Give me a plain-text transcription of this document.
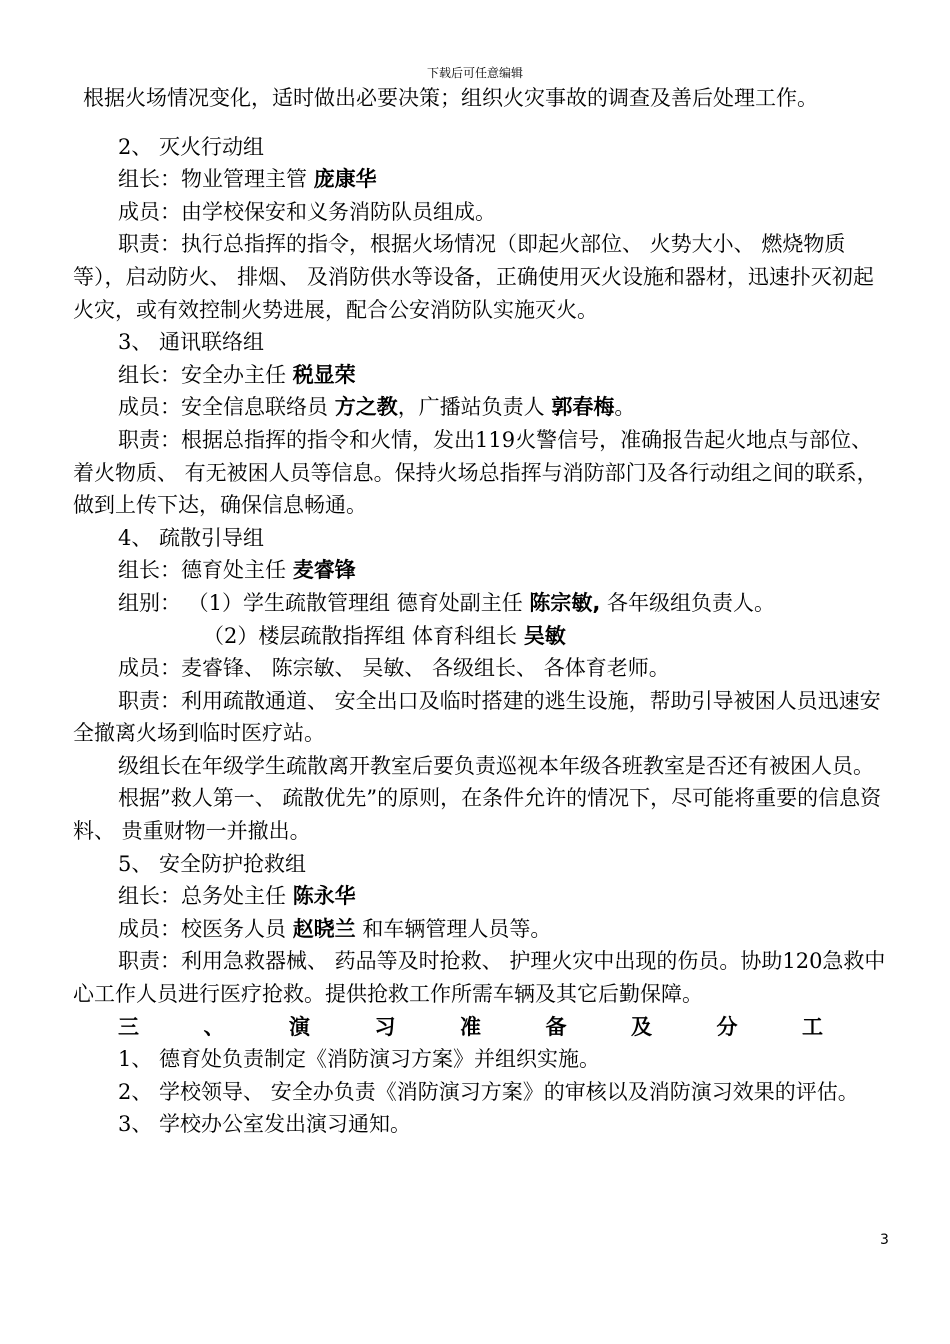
下载后可任意编辑

根据火场情况变化，适时做出必要决策；组织火灾事故的调查及善后处理工作。

2、 灭火行动组

组长：物业管理主管 庞康华

成员：由学校保安和义务消防队员组成。

职责：执行总指挥的指令，根据火场情况（即起火部位、 火势大小、 燃烧物质等），启动防火、 排烟、 及消防供水等设备，正确使用灭火设施和器材，迅速扑灭初起火灾，或有效控制火势进展，配合公安消防队实施灭火。

3、 通讯联络组

组长：安全办主任 税显荣

成员：安全信息联络员 方之教，广播站负责人 郭春梅。

职责：根据总指挥的指令和火情，发出119火警信号，准确报告起火地点与部位、 着火物质、 有无被困人员等信息。保持火场总指挥与消防部门及各行动组之间的联系，做到上传下达，确保信息畅通。

4、 疏散引导组

组长：德育处主任 麦睿锋

组别： （1）学生疏散管理组 德育处副主任 陈宗敏, 各年级组负责人。

（2）楼层疏散指挥组 体育科组长 吴敏

成员：麦睿锋、 陈宗敏、 吴敏、 各级组长、 各体育老师。

职责：利用疏散通道、 安全出口及临时搭建的逃生设施，帮助引导被困人员迅速安全撤离火场到临时医疗站。

级组长在年级学生疏散离开教室后要负责巡视本年级各班教室是否还有被困人员。

根据”救人第一、 疏散优先”的原则，在条件允许的情况下，尽可能将重要的信息资料、 贵重财物一并撤出。

5、 安全防护抢救组

组长：总务处主任 陈永华

成员：校医务人员 赵晓兰 和车辆管理人员等。

职责：利用急救器械、 药品等及时抢救、 护理火灾中出现的伤员。协助120急救中心工作人员进行医疗抢救。提供抢救工作所需车辆及其它后勤保障。

三	、	演	习	准	备	及	分	工

1、 德育处负责制定《消防演习方案》并组织实施。

2、 学校领导、 安全办负责《消防演习方案》的审核以及消防演习效果的评估。

3、 学校办公室发出演习通知。

3
